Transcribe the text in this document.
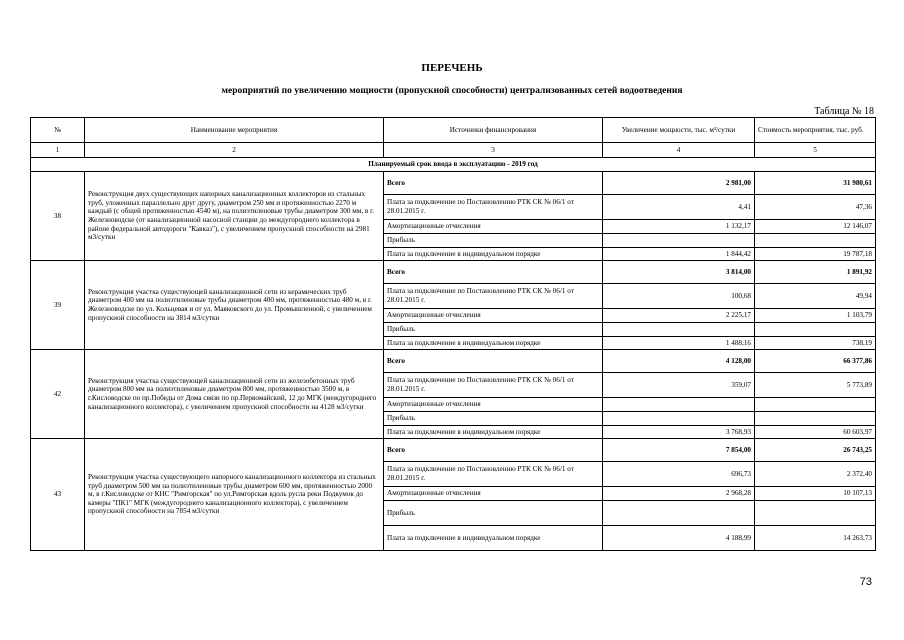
ПЕРЕЧЕНЬ
мероприятий по увеличению мощности (пропускной способности) централизованных сетей водоотведения
Таблица № 18
№	Наименование мероприятия	Источники финансирования	Увеличение мощности, тыс. м³/сутки	Стоимость мероприятия, тыс. руб.
1	2	3	4	5
Планируемый срок ввода в эксплуатацию - 2019 год				
38	Реконструкция двух существующих напорных канализационных коллекторов из стальных труб, уложенных параллельно друг другу, диаметром 250 мм и протяженностью 2270 м каждый (с общей протяженностью 4540 м), на полиэтиленовые трубы диаметром 300 мм, в г. Железноводске (от канализационной насосной станции до междугороднего коллектора в районе федеральной автодороги "Кавказ"), с увеличением пропускной способности на 2981 м3/сутки	Всего	2 981,00	31 980,61
		Плата за подключение по Постановлению РТК СК № 06/1 от 28.01.2015 г.	4,41	47,36
		Амортизационные отчисления	1 132,17	12 146,07
		Прибыль		
		Плата за подключение в индивидуальном порядке	1 844,42	19 787,18
39	Реконструкция участка существующей канализационной сети из керамических труб диаметром 400 мм на полиэтиленовые трубы диаметром 400 мм, протяженностью 480 м, в г. Железноводске по ул. Кольцевая и от ул. Маяковского до ул. Промышленной, с увеличением пропускной способности на 3814 м3/сутки	Всего	3 814,00	1 891,92
		Плата за подключение по Постановлению РТК СК № 06/1 от 28.01.2015 г.	100,68	49,94
		Амортизационные отчисления	2 225,17	1 103,79
		Прибыль		
		Плата за подключение в индивидуальном порядке	1 488,16	738,19
42	Реконструкция участка существующей канализационной сети из железобетонных труб диаметром 800 мм на полиэтиленовые диаметром 800 мм, протяженностью 3500 м, в г.Кисловодске по пр.Победы от Дома связи по пр.Первомайский, 12 до МГК (междугороднего канализационного коллектора), с увеличением пропускной способности на 4128 м3/сутки	Всего	4 128,00	66 377,86
		Плата за подключение по Постановлению РТК СК № 06/1 от 28.01.2015 г.	359,07	5 773,89
		Амортизационные отчисления		
		Прибыль		
		Плата за подключение в индивидуальном порядке	3 768,93	60 603,97
43	Реконструкция участка существующего напорного канализационного коллектора из стальных труб диаметром 500 мм на полиэтиленовые трубы диаметром 600 мм, протяженностью 2000 м, в г.Кисловодске от КНС "Римгорская" по ул.Римгорская вдоль русла реки Подкумок до камеры "ПК1" МГК (междугороднего канализационного коллектора), с увеличением пропускной способности на 7854 м3/сутки	Всего	7 854,00	26 743,25
		Плата за подключение по Постановлению РТК СК № 06/1 от 28.01.2015 г.	696,73	2 372,40
		Амортизационные отчисления	2 968,28	10 107,13
		Прибыль		
		Плата за подключение в индивидуальном порядке	4 188,99	14 263,73
73
